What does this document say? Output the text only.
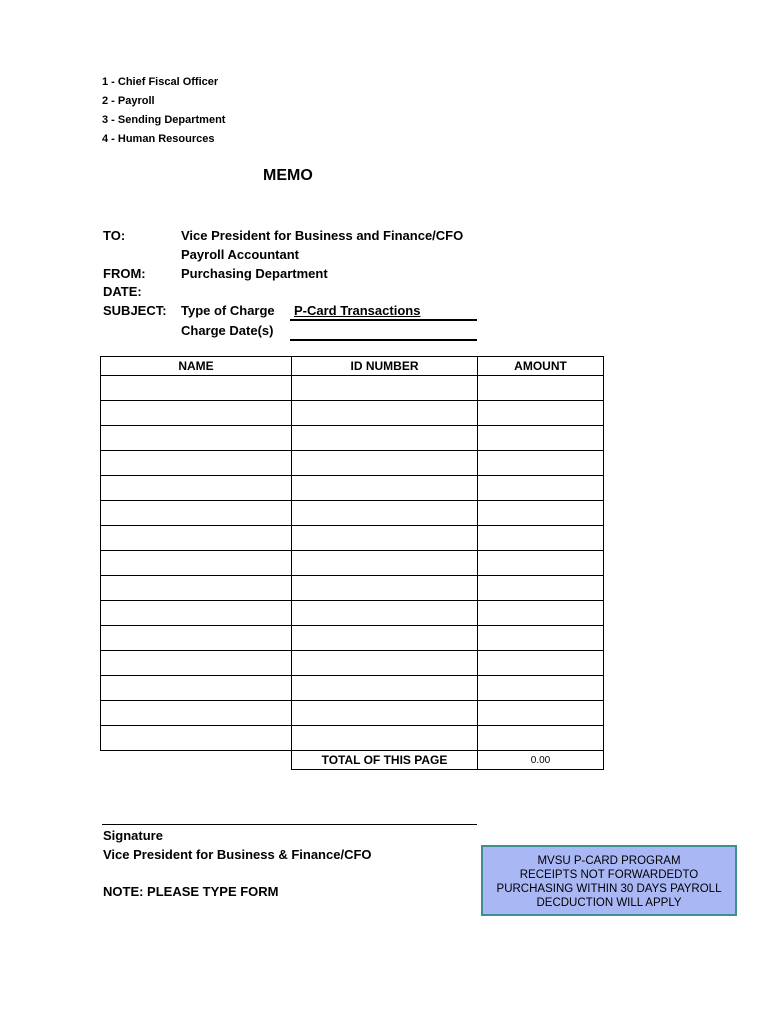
1 - Chief Fiscal Officer
2 - Payroll
3 - Sending Department
4 - Human Resources
MEMO
TO:	Vice President for Business and Finance/CFO
Payroll Accountant
FROM:	Purchasing Department
DATE:
SUBJECT: Type of Charge P-Card Transactions
Charge Date(s)
NAME	ID NUMBER	AMOUNT

TOTAL OF THIS PAGE	0.00
Signature
Vice President for Business & Finance/CFO
NOTE: PLEASE TYPE FORM
MVSU P-CARD PROGRAM
RECEIPTS NOT FORWARDEDTO
PURCHASING WITHIN 30 DAYS PAYROLL
DECDUCTION WILL APPLY
